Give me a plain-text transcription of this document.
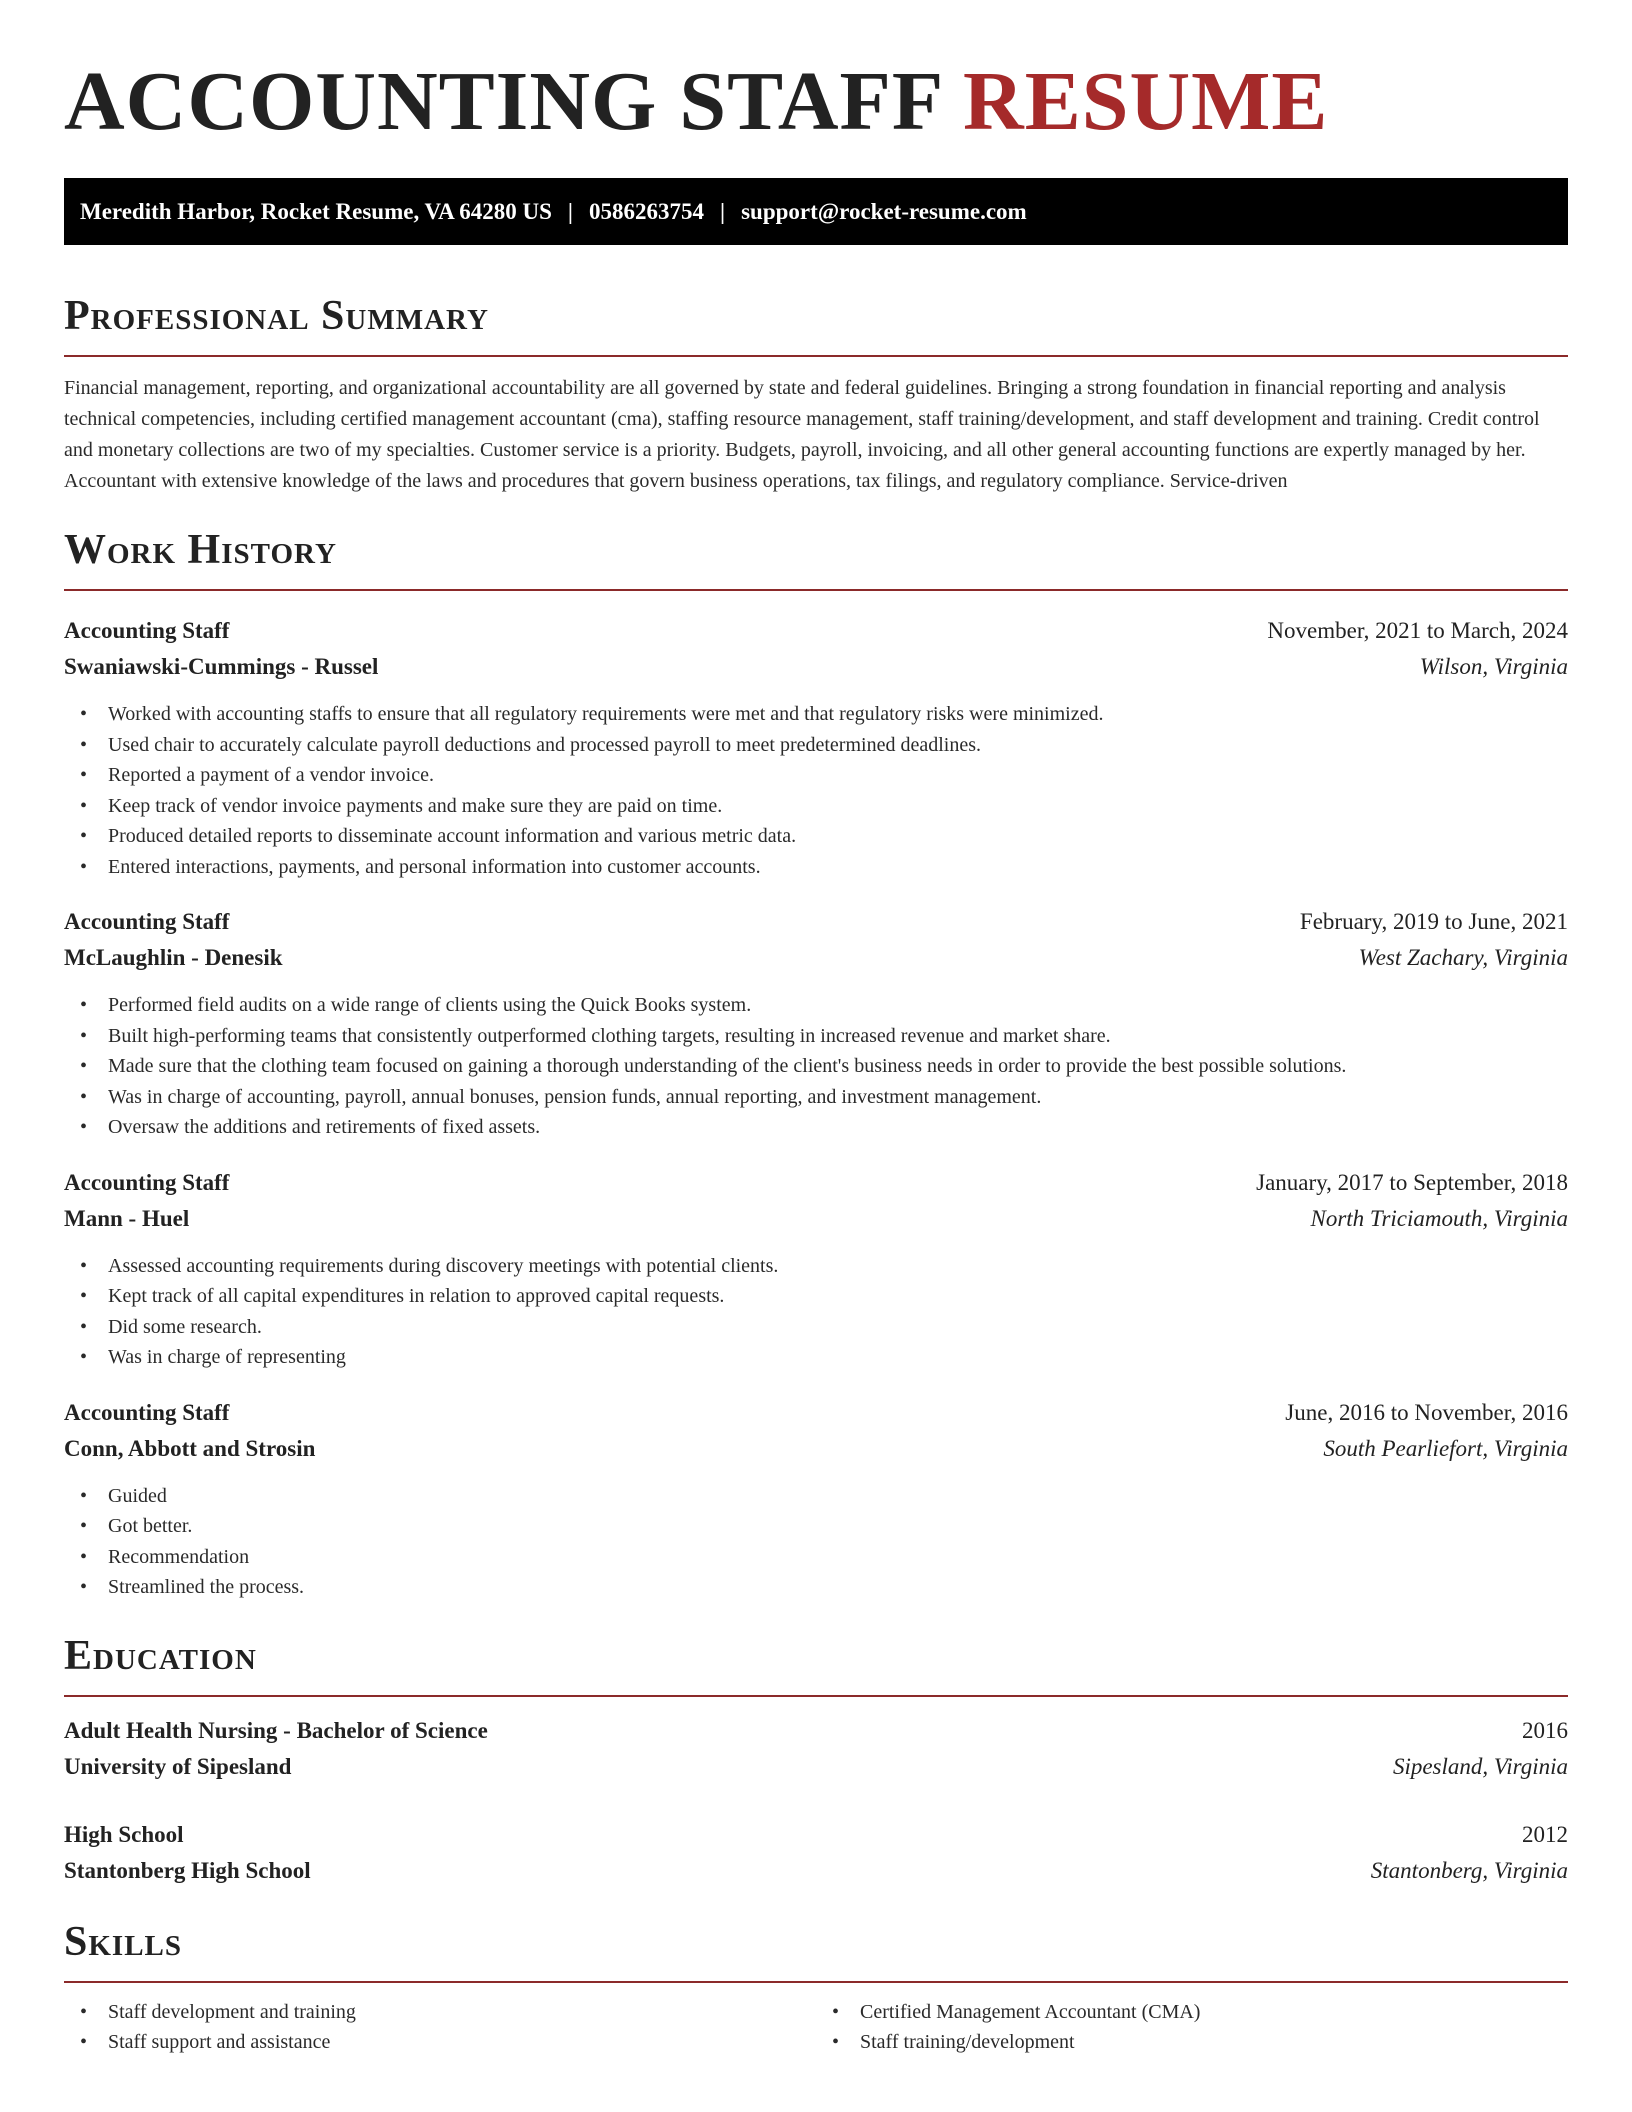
ACCOUNTING STAFF RESUME
Meredith Harbor, Rocket Resume, VA 64280 US | 0586263754 | support@rocket-resume.com
Professional Summary

Financial management, reporting, and organizational accountability are all governed by state and federal guidelines. Bringing a strong foundation in financial reporting and analysis technical competencies, including certified management accountant (cma), staffing resource management, staff training/development, and staff development and training. Credit control and monetary collections are two of my specialties. Customer service is a priority. Budgets, payroll, invoicing, and all other general accounting functions are expertly managed by her. Accountant with extensive knowledge of the laws and procedures that govern business operations, tax filings, and regulatory compliance. Service-driven

Work History
Accounting Staff	November, 2021 to March, 2024
Swaniawski-Cummings - Russel	Wilson, Virginia
• Worked with accounting staffs to ensure that all regulatory requirements were met and that regulatory risks were minimized.
• Used chair to accurately calculate payroll deductions and processed payroll to meet predetermined deadlines.
• Reported a payment of a vendor invoice.
• Keep track of vendor invoice payments and make sure they are paid on time.
• Produced detailed reports to disseminate account information and various metric data.
• Entered interactions, payments, and personal information into customer accounts.
Accounting Staff	February, 2019 to June, 2021
McLaughlin - Denesik	West Zachary, Virginia
• Performed field audits on a wide range of clients using the Quick Books system.
• Built high-performing teams that consistently outperformed clothing targets, resulting in increased revenue and market share.
• Made sure that the clothing team focused on gaining a thorough understanding of the client's business needs in order to provide the best possible solutions.
• Was in charge of accounting, payroll, annual bonuses, pension funds, annual reporting, and investment management.
• Oversaw the additions and retirements of fixed assets.
Accounting Staff	January, 2017 to September, 2018
Mann - Huel	North Triciamouth, Virginia
• Assessed accounting requirements during discovery meetings with potential clients.
• Kept track of all capital expenditures in relation to approved capital requests.
• Did some research.
• Was in charge of representing
Accounting Staff	June, 2016 to November, 2016
Conn, Abbott and Strosin	South Pearliefort, Virginia
• Guided
• Got better.
• Recommendation
• Streamlined the process.
Education
Adult Health Nursing - Bachelor of Science	2016
University of Sipesland	Sipesland, Virginia
High School	2012
Stantonberg High School	Stantonberg, Virginia
Skills
• Staff development and training
• Staff support and assistance
• Certified Management Accountant (CMA)
• Staff training/development
